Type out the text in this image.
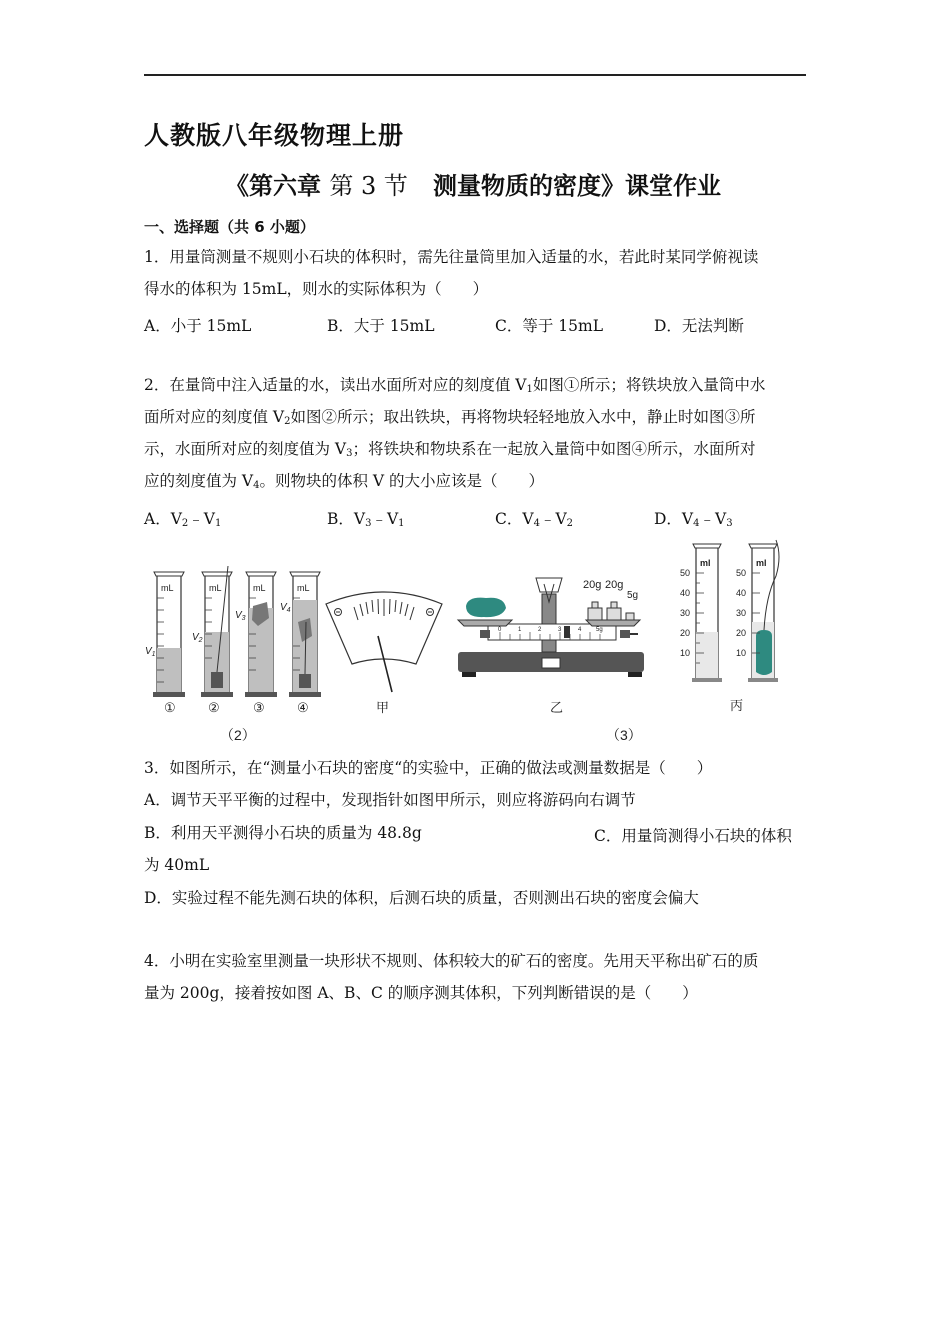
人教版八年级物理上册
《第六章 第 3 节 测量物质的密度》课堂作业
一、选择题（共 6 小题）
1．用量筒测量不规则小石块的体积时，需先往量筒里加入适量的水，若此时某同学俯视读
得水的体积为 15mL，则水的实际体积为（　　）
A．小于 15mL	B．大于 15mL	C．等于 15mL	D．无法判断
2．在量筒中注入适量的水，读出水面所对应的刻度值 $V_1$如图①所示；将铁块放入量筒中水
面所对应的刻度值 $V_2$如图②所示；取出铁块，再将物块轻轻地放入水中，静止时如图③所
示，水面所对应的刻度值为 $V_3$；将铁块和物块系在一起放入量筒中如图④所示，水面所对
应的刻度值为 $V_4$。则物块的体积 V 的大小应该是（　　）
A．$V_2﹣V_1$	B．$V_3﹣V_1$	C．$V_4﹣V_2$	D．$V_4﹣V_3$
mL	mL	mL	mL
$V_1$
$V_2$
$V_3$
$V_4$
① ②	③ ④	甲
20g 20g
5g
0	1	2	3	4 5g
乙
ml	ml
50
40
30
20
10
50
40
30
20
10
丙
（2）	（3）
3．如图所示，在“测量小石块的密度“的实验中，正确的做法或测量数据是（　　）
A．调节天平平衡的过程中，发现指针如图甲所示，则应将游码向右调节
B．利用天平测得小石块的质量为 48.8g	C．用量筒测得小石块的体积
为 40mL
D．实验过程不能先测石块的体积，后测石块的质量，否则测出石块的密度会偏大
4．小明在实验室里测量一块形状不规则、体积较大的矿石的密度。先用天平称出矿石的质
量为 200g，接着按如图 A、B、C 的顺序测其体积，下列判断错误的是（　　）
